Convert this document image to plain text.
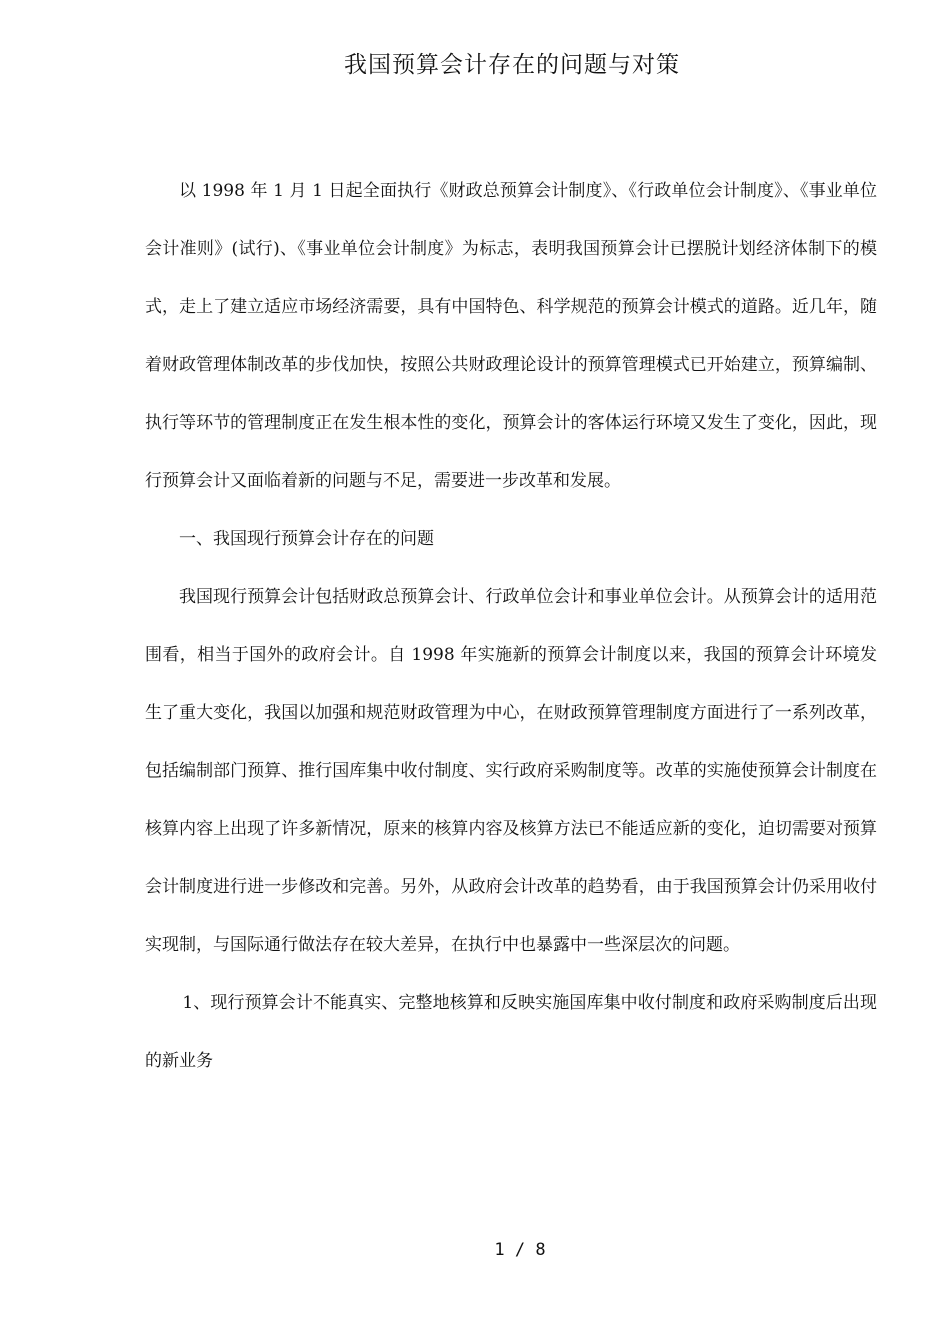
我国预算会计存在的问题与对策

以 1998 年 1 月 1 日起全面执行《财政总预算会计制度》、《行政单位会计制度》、《事业单位会计准则》(试行)、《事业单位会计制度》为标志，表明我国预算会计已摆脱计划经济体制下的模式，走上了建立适应市场经济需要，具有中国特色、科学规范的预算会计模式的道路。近几年，随着财政管理体制改革的步伐加快，按照公共财政理论设计的预算管理模式已开始建立，预算编制、执行等环节的管理制度正在发生根本性的变化，预算会计的客体运行环境又发生了变化，因此，现行预算会计又面临着新的问题与不足，需要进一步改革和发展。

一、我国现行预算会计存在的问题

我国现行预算会计包括财政总预算会计、行政单位会计和事业单位会计。从预算会计的适用范围看，相当于国外的政府会计。自 1998 年实施新的预算会计制度以来，我国的预算会计环境发生了重大变化，我国以加强和规范财政管理为中心，在财政预算管理制度方面进行了一系列改革，包括编制部门预算、推行国库集中收付制度、实行政府采购制度等。改革的实施使预算会计制度在核算内容上出现了许多新情况，原来的核算内容及核算方法已不能适应新的变化，迫切需要对预算会计制度进行进一步修改和完善。另外，从政府会计改革的趋势看，由于我国预算会计仍采用收付实现制，与国际通行做法存在较大差异，在执行中也暴露中一些深层次的问题。

1、现行预算会计不能真实、完整地核算和反映实施国库集中收付制度和政府采购制度后出现的新业务

1 / 8
